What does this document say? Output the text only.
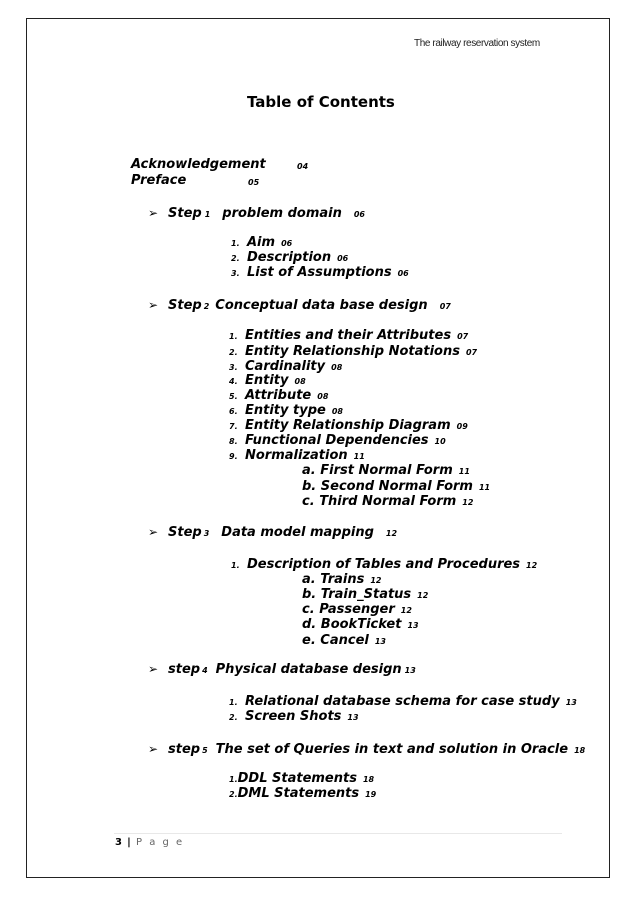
The railway reservation system
Table of Contents
Acknowledgement	04
Preface	05
➢ Step 1 problem domain 06
1. Aim 06
2. Description 06
3. List of Assumptions 06
➢ Step 2 Conceptual data base design 07
1. Entities and their Attributes 07
2. Entity Relationship Notations 07
3. Cardinality 08
4. Entity 08
5. Attribute 08
6. Entity type 08
7. Entity Relationship Diagram 09
8. Functional Dependencies 10
9. Normalization 11
a. First Normal Form 11
b. Second Normal Form 11
c. Third Normal Form 12
➢ Step 3 Data model mapping 12
1. Description of Tables and Procedures 12
a. Trains 12
b. Train_Status 12
c. Passenger 12
d. BookTicket 13
e. Cancel 13
➢ step 4 Physical database design 13
1. Relational database schema for case study 13
2. Screen Shots 13
➢ step 5 The set of Queries in text and solution in Oracle 18
1.DDL Statements 18
2.DML Statements 19
3 | P a g e
